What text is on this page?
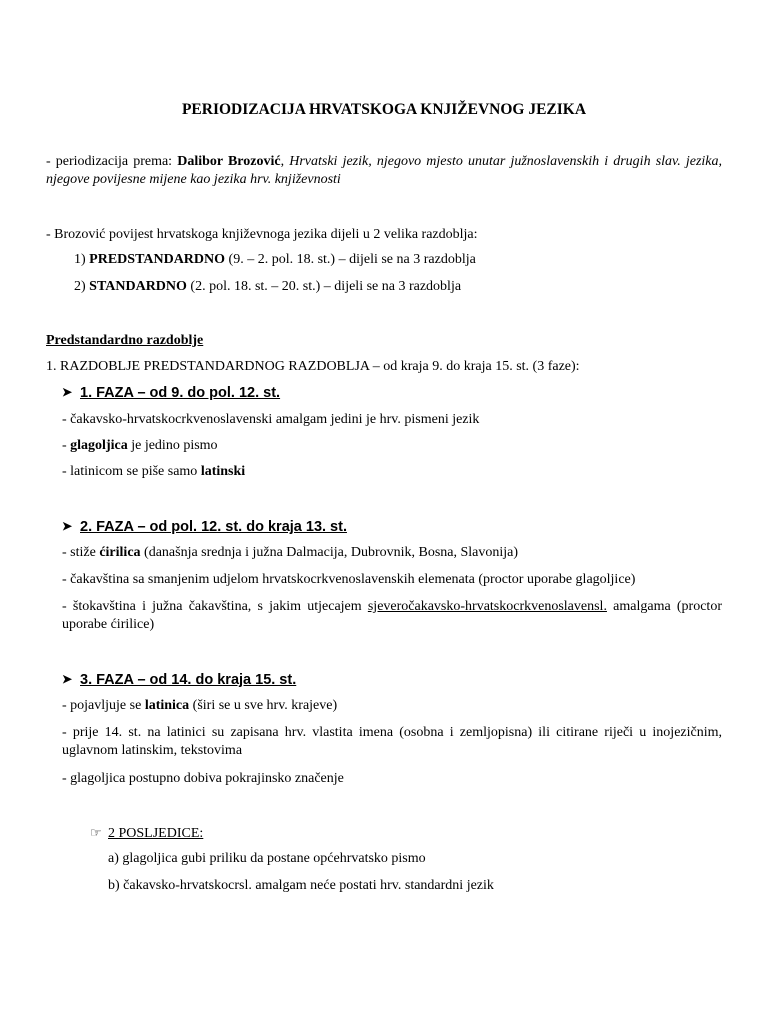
PERIODIZACIJA HRVATSKOGA KNJIŽEVNOG JEZIKA
- periodizacija prema: Dalibor Brozović, Hrvatski jezik, njegovo mjesto unutar južnoslavenskih i drugih slav. jezika, njegove povijesne mijene kao jezika hrv. književnosti
- Brozović povijest hrvatskoga književnoga jezika dijeli u 2 velika razdoblja:
1) PREDSTANDARDNO (9. – 2. pol. 18. st.) – dijeli se na 3 razdoblja
2) STANDARDNO (2. pol. 18. st. – 20. st.) – dijeli se na 3 razdoblja
Predstandardno razdoblje
1. RAZDOBLJE PREDSTANDARDNOG RAZDOBLJA – od kraja 9. do kraja 15. st. (3 faze):
➤ 1. FAZA – od 9. do pol. 12. st.
- čakavsko-hrvatskocrkvenoslavenski amalgam jedini je hrv. pismeni jezik
- glagoljica je jedino pismo
- latinicom se piše samo latinski
➤ 2. FAZA – od pol. 12. st. do kraja 13. st.
- stiže ćirilica (današnja srednja i južna Dalmacija, Dubrovnik, Bosna, Slavonija)
- čakavština sa smanjenim udjelom hrvatskocrkvenoslavenskih elemenata (proctor uporabe glagoljice)
- štokavština i južna čakavština, s jakim utjecajem sjeveročakavsko-hrvatskocrkvenoslavensl. amalgama (proctor uporabe ćirilice)
➤ 3. FAZA – od 14. do kraja 15. st.
- pojavljuje se latinica (širi se u sve hrv. krajeve)
- prije 14. st. na latinici su zapisana hrv. vlastita imena (osobna i zemljopisna) ili citirane riječi u inojezičnim, uglavnom latinskim, tekstovima
- glagoljica postupno dobiva pokrajinsko značenje
☞ 2 POSLJEDICE:
a) glagoljica gubi priliku da postane općehrvatsko pismo
b) čakavsko-hrvatskocrsl. amalgam neće postati hrv. standardni jezik
